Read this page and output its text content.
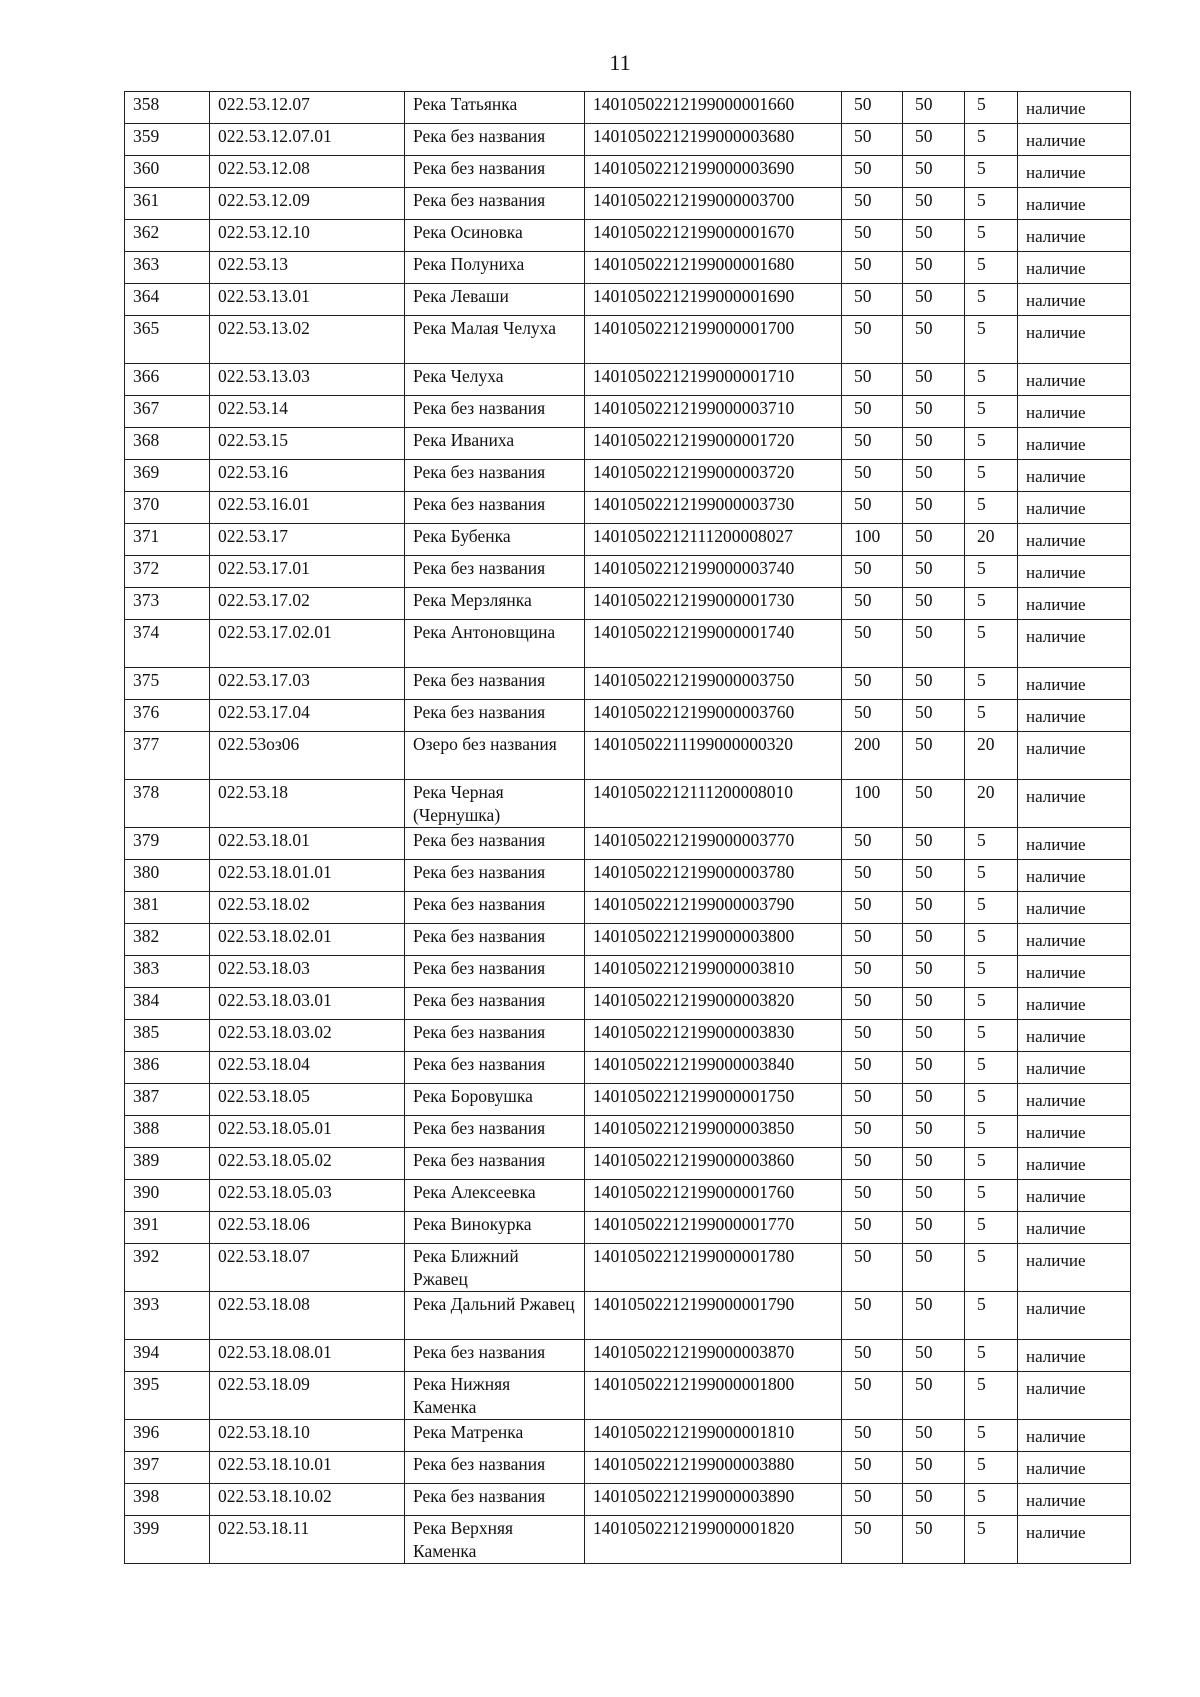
11
358	022.53.12.07	Река Татьянка	14010502212199000001660	50	50	5	наличие
359	022.53.12.07.01	Река без названия	14010502212199000003680	50	50	5	наличие
360	022.53.12.08	Река без названия	14010502212199000003690	50	50	5	наличие
361	022.53.12.09	Река без названия	14010502212199000003700	50	50	5	наличие
362	022.53.12.10	Река Осиновка	14010502212199000001670	50	50	5	наличие
363	022.53.13	Река Полуниха	14010502212199000001680	50	50	5	наличие
364	022.53.13.01	Река Леваши	14010502212199000001690	50	50	5	наличие
365	022.53.13.02	Река Малая Челуха	14010502212199000001700	50	50	5	наличие
366	022.53.13.03	Река Челуха	14010502212199000001710	50	50	5	наличие
367	022.53.14	Река без названия	14010502212199000003710	50	50	5	наличие
368	022.53.15	Река Иваниха	14010502212199000001720	50	50	5	наличие
369	022.53.16	Река без названия	14010502212199000003720	50	50	5	наличие
370	022.53.16.01	Река без названия	14010502212199000003730	50	50	5	наличие
371	022.53.17	Река Бубенка	14010502212111200008027	100	50	20	наличие
372	022.53.17.01	Река без названия	14010502212199000003740	50	50	5	наличие
373	022.53.17.02	Река Мерзлянка	14010502212199000001730	50	50	5	наличие
374	022.53.17.02.01	Река Антоновщина	14010502212199000001740	50	50	5	наличие
375	022.53.17.03	Река без названия	14010502212199000003750	50	50	5	наличие
376	022.53.17.04	Река без названия	14010502212199000003760	50	50	5	наличие
377	022.53оз06	Озеро без названия	14010502211199000000320	200	50	20	наличие
378	022.53.18	Река Черная (Чернушка)	14010502212111200008010	100	50	20	наличие
379	022.53.18.01	Река без названия	14010502212199000003770	50	50	5	наличие
380	022.53.18.01.01	Река без названия	14010502212199000003780	50	50	5	наличие
381	022.53.18.02	Река без названия	14010502212199000003790	50	50	5	наличие
382	022.53.18.02.01	Река без названия	14010502212199000003800	50	50	5	наличие
383	022.53.18.03	Река без названия	14010502212199000003810	50	50	5	наличие
384	022.53.18.03.01	Река без названия	14010502212199000003820	50	50	5	наличие
385	022.53.18.03.02	Река без названия	14010502212199000003830	50	50	5	наличие
386	022.53.18.04	Река без названия	14010502212199000003840	50	50	5	наличие
387	022.53.18.05	Река Боровушка	14010502212199000001750	50	50	5	наличие
388	022.53.18.05.01	Река без названия	14010502212199000003850	50	50	5	наличие
389	022.53.18.05.02	Река без названия	14010502212199000003860	50	50	5	наличие
390	022.53.18.05.03	Река Алексеевка	14010502212199000001760	50	50	5	наличие
391	022.53.18.06	Река Винокурка	14010502212199000001770	50	50	5	наличие
392	022.53.18.07	Река Ближний Ржавец	14010502212199000001780	50	50	5	наличие
393	022.53.18.08	Река Дальний Ржавец	14010502212199000001790	50	50	5	наличие
394	022.53.18.08.01	Река без названия	14010502212199000003870	50	50	5	наличие
395	022.53.18.09	Река Нижняя Каменка	14010502212199000001800	50	50	5	наличие
396	022.53.18.10	Река Матренка	14010502212199000001810	50	50	5	наличие
397	022.53.18.10.01	Река без названия	14010502212199000003880	50	50	5	наличие
398	022.53.18.10.02	Река без названия	14010502212199000003890	50	50	5	наличие
399	022.53.18.11	Река Верхняя Каменка	14010502212199000001820	50	50	5	наличие
